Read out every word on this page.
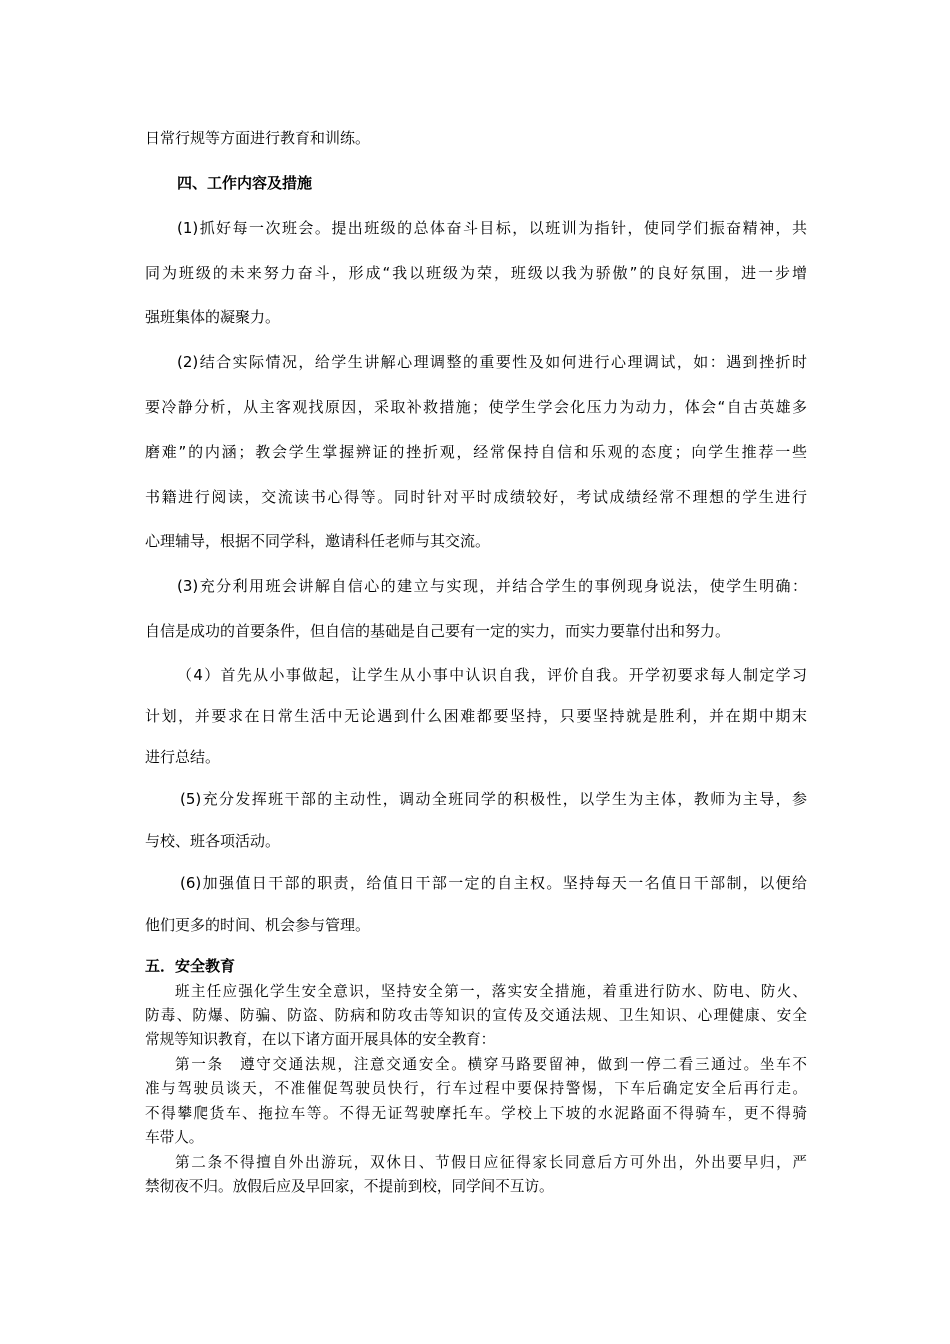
日常行规等方面进行教育和训练。

四、工作内容及措施

(1)抓好每一次班会。提出班级的总体奋斗目标，以班训为指针，使同学们振奋精神，共

同为班级的未来努力奋斗，形成“我以班级为荣，班级以我为骄傲”的良好氛围，进一步增

强班集体的凝聚力。

(2)结合实际情况，给学生讲解心理调整的重要性及如何进行心理调试，如：遇到挫折时

要冷静分析，从主客观找原因，采取补救措施；使学生学会化压力为动力，体会“自古英雄多

磨难”的内涵；教会学生掌握辨证的挫折观，经常保持自信和乐观的态度；向学生推荐一些

书籍进行阅读，交流读书心得等。同时针对平时成绩较好，考试成绩经常不理想的学生进行

心理辅导，根据不同学科，邀请科任老师与其交流。

(3)充分利用班会讲解自信心的建立与实现，并结合学生的事例现身说法，使学生明确：

自信是成功的首要条件，但自信的基础是自己要有一定的实力，而实力要靠付出和努力。

（4）首先从小事做起，让学生从小事中认识自我，评价自我。开学初要求每人制定学习

计划，并要求在日常生活中无论遇到什么困难都要坚持，只要坚持就是胜利，并在期中期末

进行总结。

(5)充分发挥班干部的主动性，调动全班同学的积极性，以学生为主体，教师为主导，参

与校、班各项活动。

(6)加强值日干部的职责，给值日干部一定的自主权。坚持每天一名值日干部制，以便给

他们更多的时间、机会参与管理。

五．安全教育

班主任应强化学生安全意识，坚持安全第一，落实安全措施，着重进行防水、防电、防火、

防毒、防爆、防骗、防盗、防病和防攻击等知识的宣传及交通法规、卫生知识、心理健康、安全

常规等知识教育，在以下诸方面开展具体的安全教育：

第一条　遵守交通法规，注意交通安全。横穿马路要留神，做到一停二看三通过。坐车不

准与驾驶员谈天，不准催促驾驶员快行，行车过程中要保持警惕，下车后确定安全后再行走。

不得攀爬货车、拖拉车等。不得无证驾驶摩托车。学校上下坡的水泥路面不得骑车，更不得骑

车带人。

第二条不得擅自外出游玩，双休日、节假日应征得家长同意后方可外出，外出要早归，严

禁彻夜不归。放假后应及早回家，不提前到校，同学间不互访。
